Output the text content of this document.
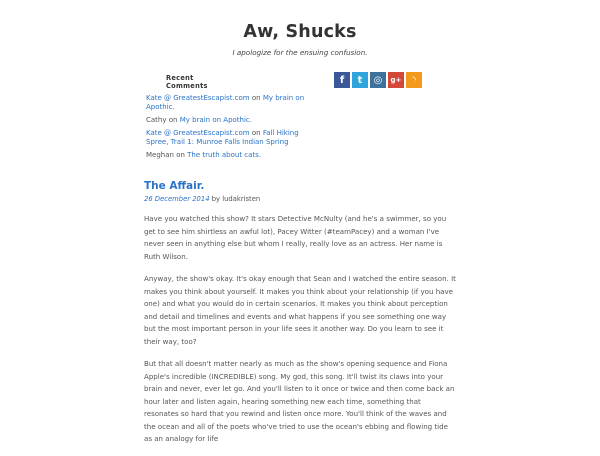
Aw, Shucks
I apologize for the ensuing confusion.
Recent
Comments
Kate @ GreatestEscapist.com on My brain on Apothic.
Cathy on My brain on Apothic.
Kate @ GreatestEscapist.com on Fall Hiking Spree, Trail 1: Munroe Falls Indian Spring
Meghan on The truth about cats.
f	t	◎	g+	◝
The Affair.
26 December 2014 by ludakristen

Have you watched this show? It stars Detective McNulty (and he's a swimmer, so you get to see him shirtless an awful lot), Pacey Witter (#teamPacey) and a woman I've never seen in anything else but whom I really, really love as an actress. Her name is Ruth Wilson.

Anyway, the show's okay. It's okay enough that Sean and I watched the entire season. It makes you think about yourself. It makes you think about your relationship (if you have one) and what you would do in certain scenarios. It makes you think about perception and detail and timelines and events and what happens if you see something one way but the most important person in your life sees it another way. Do you learn to see it their way, too?

But that all doesn't matter nearly as much as the show's opening sequence and Fiona Apple's incredible (INCREDIBLE) song. My god, this song. It'll twist its claws into your brain and never, ever let go. And you'll listen to it once or twice and then come back an hour later and listen again, hearing something new each time, something that resonates so hard that you rewind and listen once more. You'll think of the waves and the ocean and all of the poets who've tried to use the ocean's ebbing and flowing tide as an analogy for life
